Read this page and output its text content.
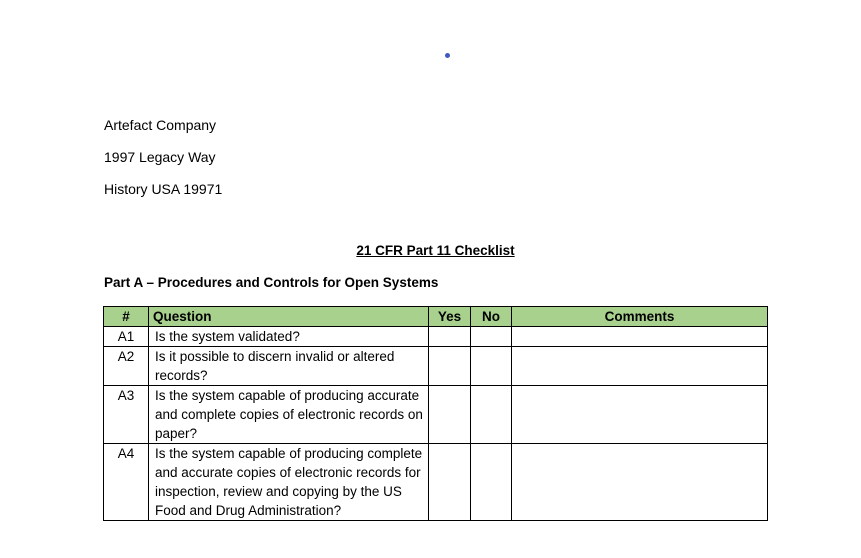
Artefact Company
1997 Legacy Way
History USA 19971
21 CFR Part 11 Checklist
Part A – Procedures and Controls for Open Systems
#	Question	Yes	No	Comments
A1	Is the system validated?			
A2	Is it possible to discern invalid or altered records?			
A3	Is the system capable of producing accurate and complete copies of electronic records on paper?			
A4	Is the system capable of producing complete and accurate copies of electronic records for inspection, review and copying by the US Food and Drug Administration?			
